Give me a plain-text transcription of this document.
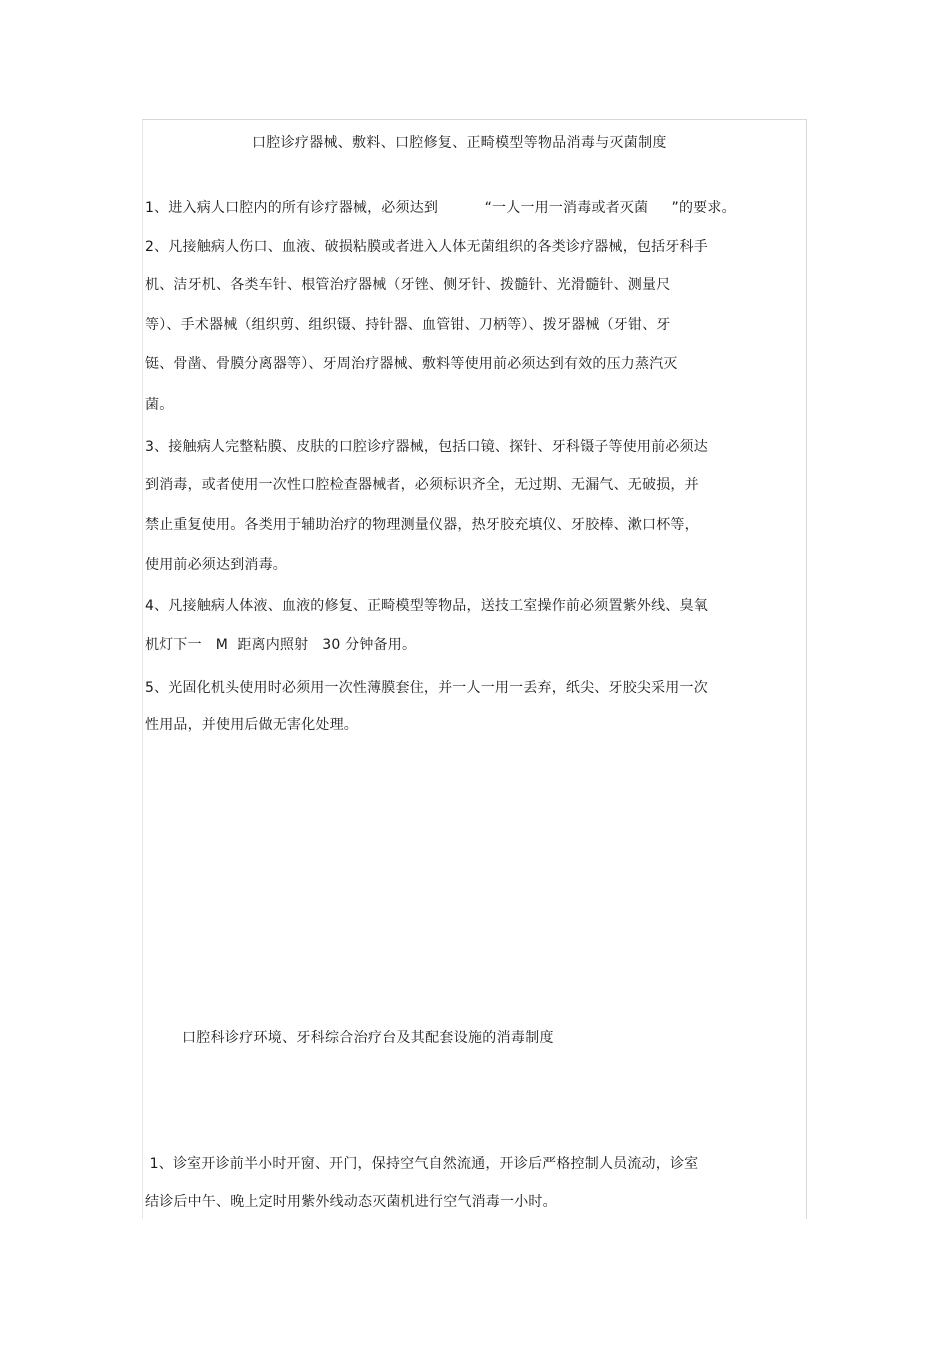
口腔诊疗器械、敷料、口腔修复、正畸模型等物品消毒与灭菌制度
1、进入病人口腔内的所有诊疗器械，必须达到          “一人一用一消毒或者灭菌     ”的要求。
2、凡接触病人伤口、血液、破损粘膜或者进入人体无菌组织的各类诊疗器械，包括牙科手
机、洁牙机、各类车针、根管治疗器械（牙锉、侧牙针、拨髓针、光滑髓针、测量尺
等）、手术器械（组织剪、组织镊、持针器、血管钳、刀柄等）、拨牙器械（牙钳、牙
铤、骨凿、骨膜分离器等）、牙周治疗器械、敷料等使用前必须达到有效的压力蒸汽灭
菌。
3、接触病人完整粘膜、皮肤的口腔诊疗器械，包括口镜、探针、牙科镊子等使用前必须达
到消毒，或者使用一次性口腔检查器械者，必须标识齐全，无过期、无漏气、无破损，并
禁止重复使用。各类用于辅助治疗的物理测量仪器，热牙胶充填仪、牙胶棒、漱口杯等，
使用前必须达到消毒。
4、凡接触病人体液、血液的修复、正畸模型等物品，送技工室操作前必须置紫外线、臭氧
机灯下一   M  距离内照射   30 分钟备用。
5、光固化机头使用时必须用一次性薄膜套住，并一人一用一丢弃，纸尖、牙胶尖采用一次
性用品，并使用后做无害化处理。
口腔科诊疗环境、牙科综合治疗台及其配套设施的消毒制度
1、诊室开诊前半小时开窗、开门，保持空气自然流通，开诊后严格控制人员流动，诊室
结诊后中午、晚上定时用紫外线动态灭菌机进行空气消毒一小时。
